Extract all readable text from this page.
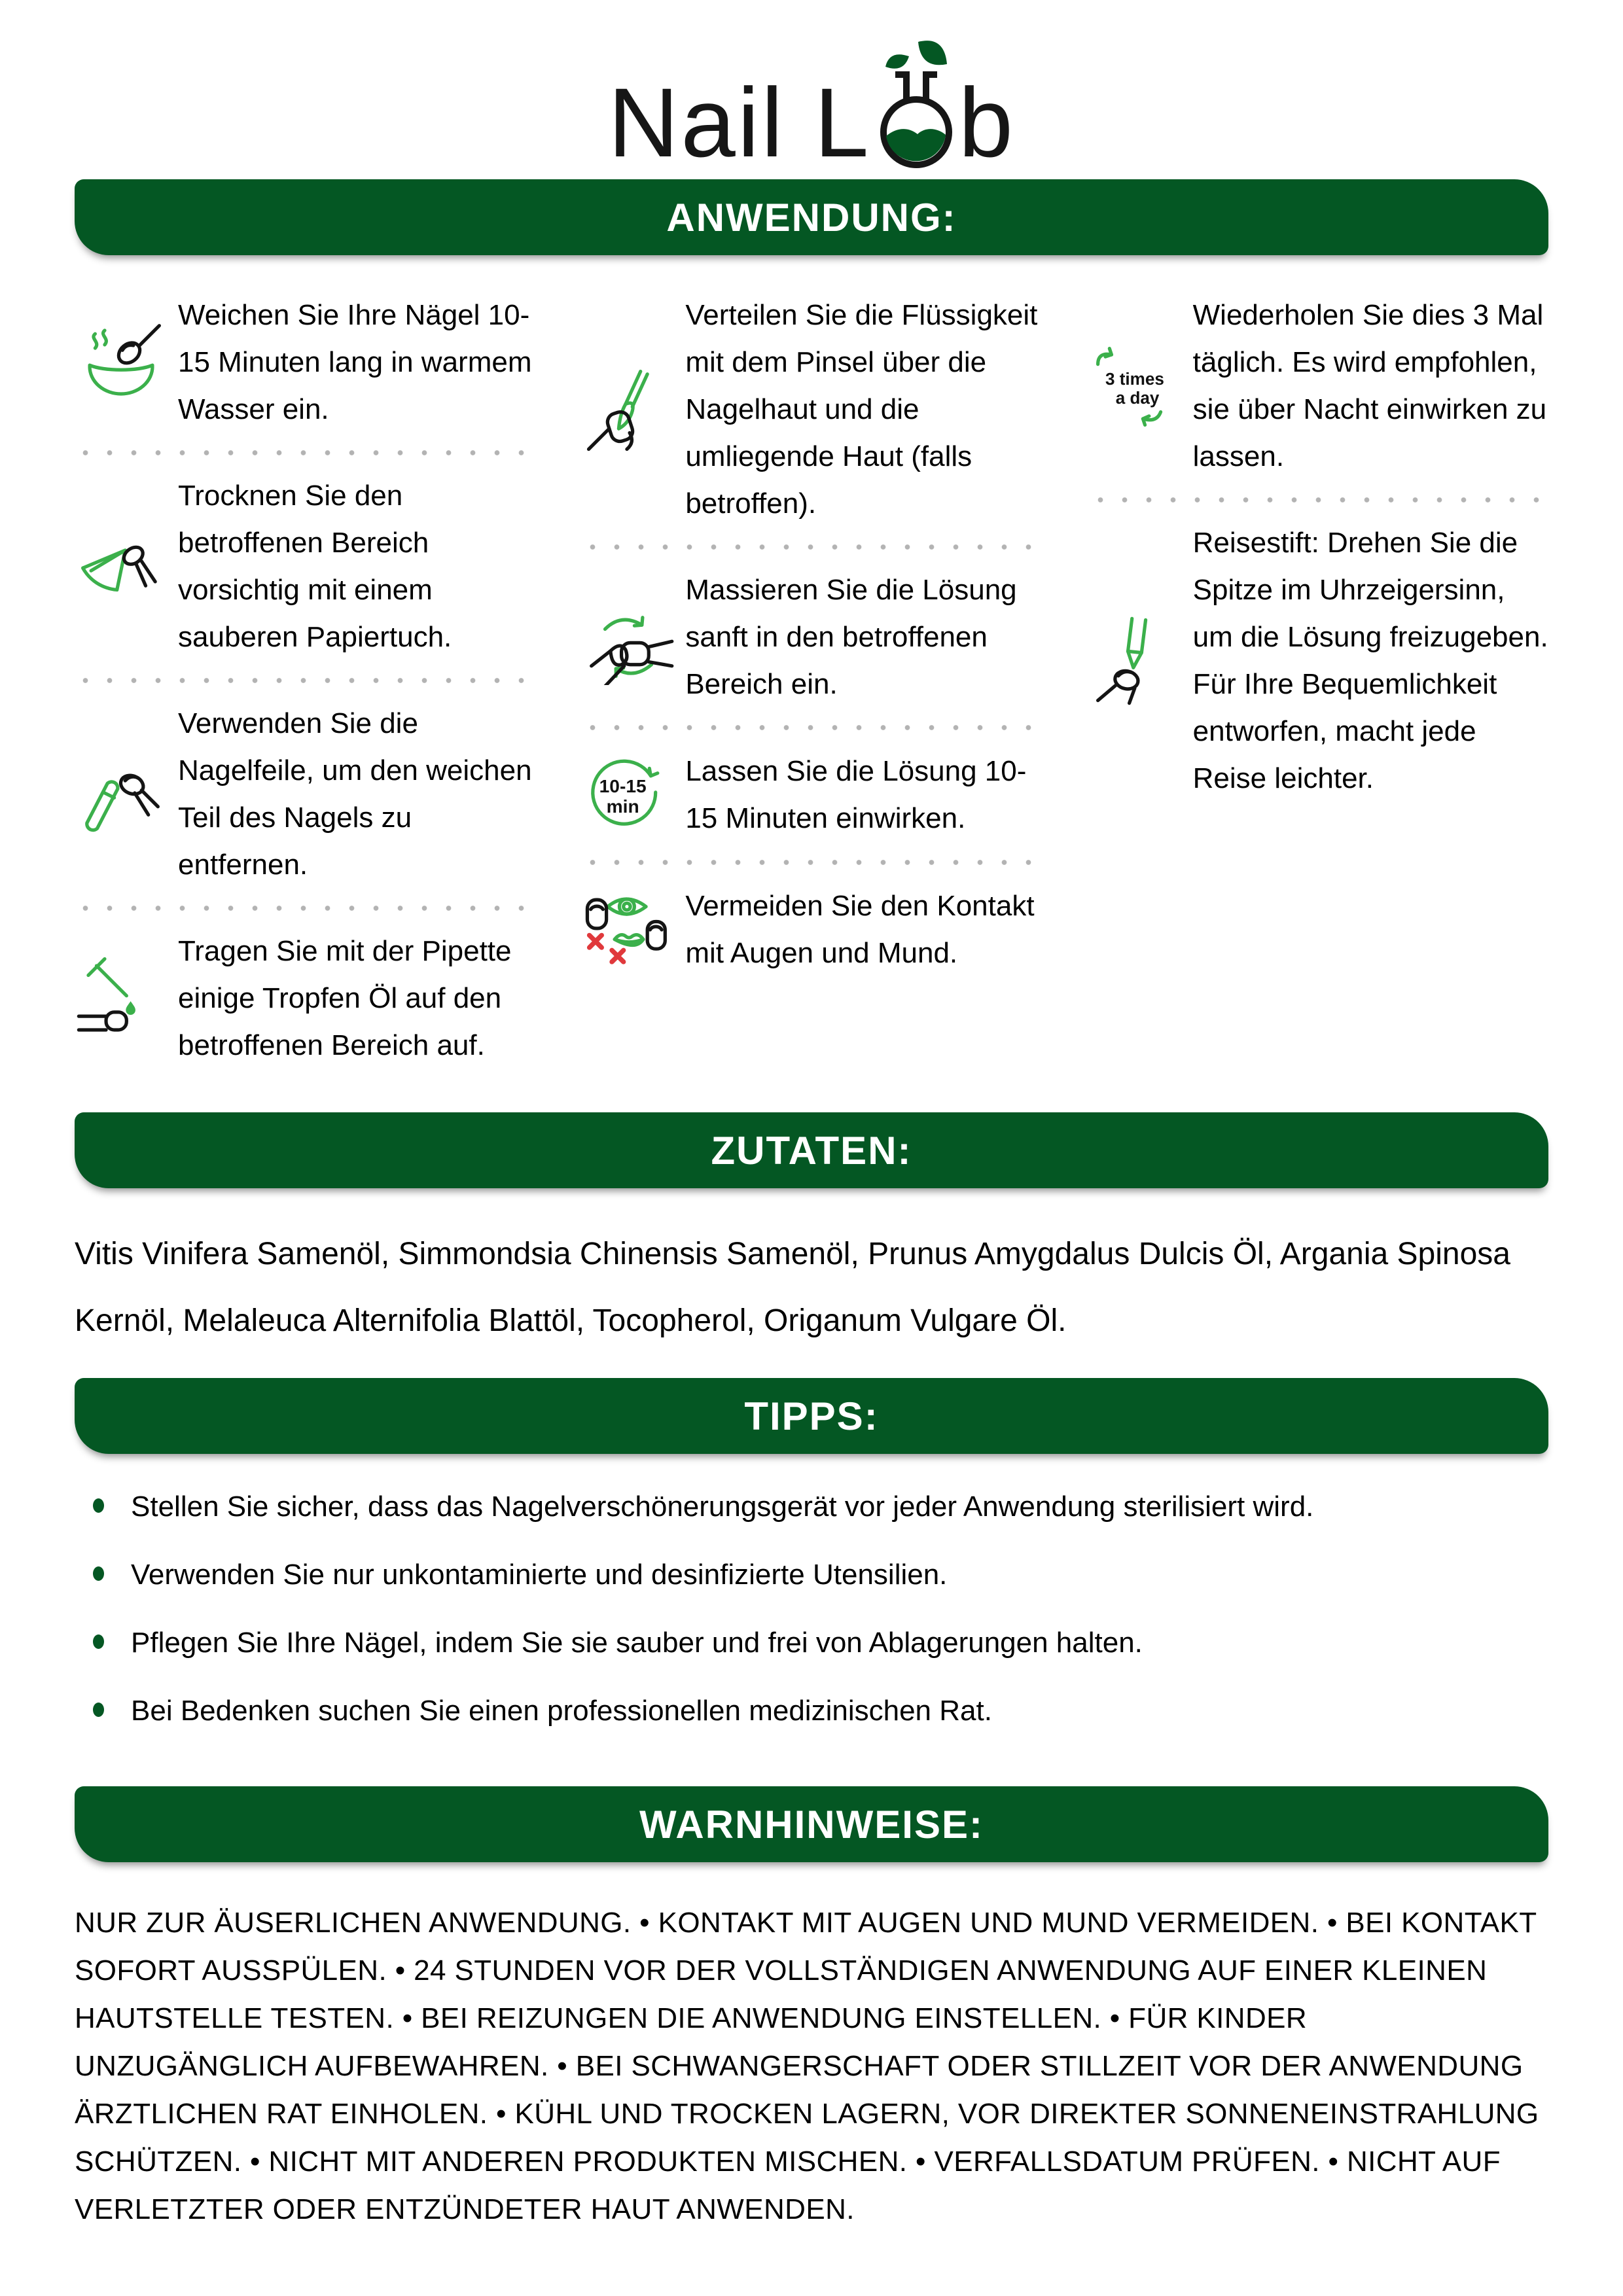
Nail L b
ANWENDUNG:

Weichen Sie Ihre Nägel 10-15 Minuten lang in warmem Wasser ein.

Trocknen Sie den betroffenen Bereich vorsichtig mit einem sauberen Papiertuch.

Verwenden Sie die Nagelfeile, um den weichen Teil des Nagels zu entfernen.

Tragen Sie mit der Pipette einige Tropfen Öl auf den betroffenen Bereich auf.

Verteilen Sie die Flüssigkeit mit dem Pinsel über die Nagelhaut und die umliegende Haut (falls betroffen).

Massieren Sie die Lösung sanft in den betroffenen Bereich ein.

10-15
min

Lassen Sie die Lösung 10-15 Minuten einwirken.

Vermeiden Sie den Kontakt mit Augen und Mund.

3 times
a day

Wiederholen Sie dies 3 Mal täglich. Es wird empfohlen, sie über Nacht einwirken zu lassen.

Reisestift: Drehen Sie die Spitze im Uhrzeigersinn, um die Lösung freizugeben. Für Ihre Bequemlichkeit entworfen, macht jede Reise leichter.

ZUTATEN:

Vitis Vinifera Samenöl, Simmondsia Chinensis Samenöl, Prunus Amygdalus Dulcis Öl, Argania Spinosa Kernöl, Melaleuca Alternifolia Blattöl, Tocopherol, Origanum Vulgare Öl.

TIPPS:
Stellen Sie sicher, dass das Nagelverschönerungsgerät vor jeder Anwendung sterilisiert wird.
Verwenden Sie nur unkontaminierte und desinfizierte Utensilien.
Pflegen Sie Ihre Nägel, indem Sie sie sauber und frei von Ablagerungen halten.
Bei Bedenken suchen Sie einen professionellen medizinischen Rat.
WARNHINWEISE:

NUR ZUR ÄUSERLICHEN ANWENDUNG. • KONTAKT MIT AUGEN UND MUND VERMEIDEN. • BEI KONTAKT SOFORT AUSSPÜLEN. • 24 STUNDEN VOR DER VOLLSTÄNDIGEN ANWENDUNG AUF EINER KLEINEN HAUTSTELLE TESTEN. • BEI REIZUNGEN DIE ANWENDUNG EINSTELLEN. • FÜR KINDER UNZUGÄNGLICH AUFBEWAHREN. • BEI SCHWANGERSCHAFT ODER STILLZEIT VOR DER ANWENDUNG ÄRZTLICHEN RAT EINHOLEN. • KÜHL UND TROCKEN LAGERN, VOR DIREKTER SONNENEINSTRAHLUNG SCHÜTZEN. • NICHT MIT ANDEREN PRODUKTEN MISCHEN. • VERFALLSDATUM PRÜFEN. • NICHT AUF VERLETZTER ODER ENTZÜNDETER HAUT ANWENDEN.
